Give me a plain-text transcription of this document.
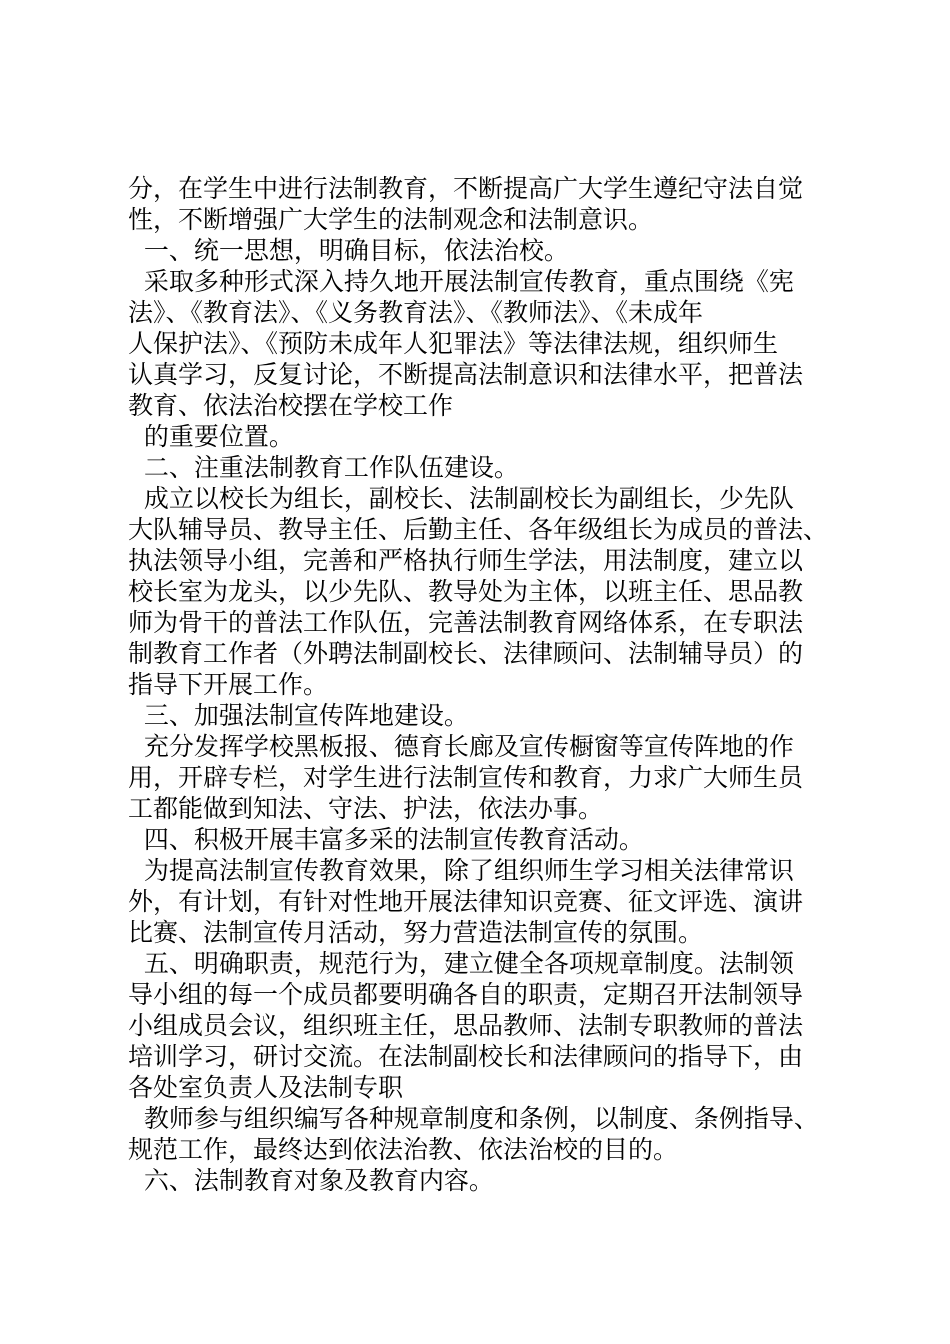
分，在学生中进行法制教育，不断提高广大学生遵纪守法自觉
性，不断增强广大学生的法制观念和法制意识。
一、统一思想，明确目标，依法治校。
采取多种形式深入持久地开展法制宣传教育，重点围绕《宪
法》、《教育法》、《义务教育法》、《教师法》、《未成年
人保护法》、《预防未成年人犯罪法》等法律法规，组织师生
认真学习，反复讨论，不断提高法制意识和法律水平，把普法
教育、依法治校摆在学校工作
的重要位置。
二、注重法制教育工作队伍建设。
成立以校长为组长，副校长、法制副校长为副组长，少先队
大队辅导员、教导主任、后勤主任、各年级组长为成员的普法、
执法领导小组，完善和严格执行师生学法，用法制度，建立以
校长室为龙头，以少先队、教导处为主体，以班主任、思品教
师为骨干的普法工作队伍，完善法制教育网络体系，在专职法
制教育工作者（外聘法制副校长、法律顾问、法制辅导员）的
指导下开展工作。
三、加强法制宣传阵地建设。
充分发挥学校黑板报、德育长廊及宣传橱窗等宣传阵地的作
用，开辟专栏，对学生进行法制宣传和教育，力求广大师生员
工都能做到知法、守法、护法，依法办事。
四、积极开展丰富多采的法制宣传教育活动。
为提高法制宣传教育效果，除了组织师生学习相关法律常识
外，有计划，有针对性地开展法律知识竞赛、征文评选、演讲
比赛、法制宣传月活动，努力营造法制宣传的氛围。
五、明确职责，规范行为，建立健全各项规章制度。法制领
导小组的每一个成员都要明确各自的职责，定期召开法制领导
小组成员会议，组织班主任，思品教师、法制专职教师的普法
培训学习，研讨交流。在法制副校长和法律顾问的指导下，由
各处室负责人及法制专职
教师参与组织编写各种规章制度和条例，以制度、条例指导、
规范工作，最终达到依法治教、依法治校的目的。
六、法制教育对象及教育内容。
